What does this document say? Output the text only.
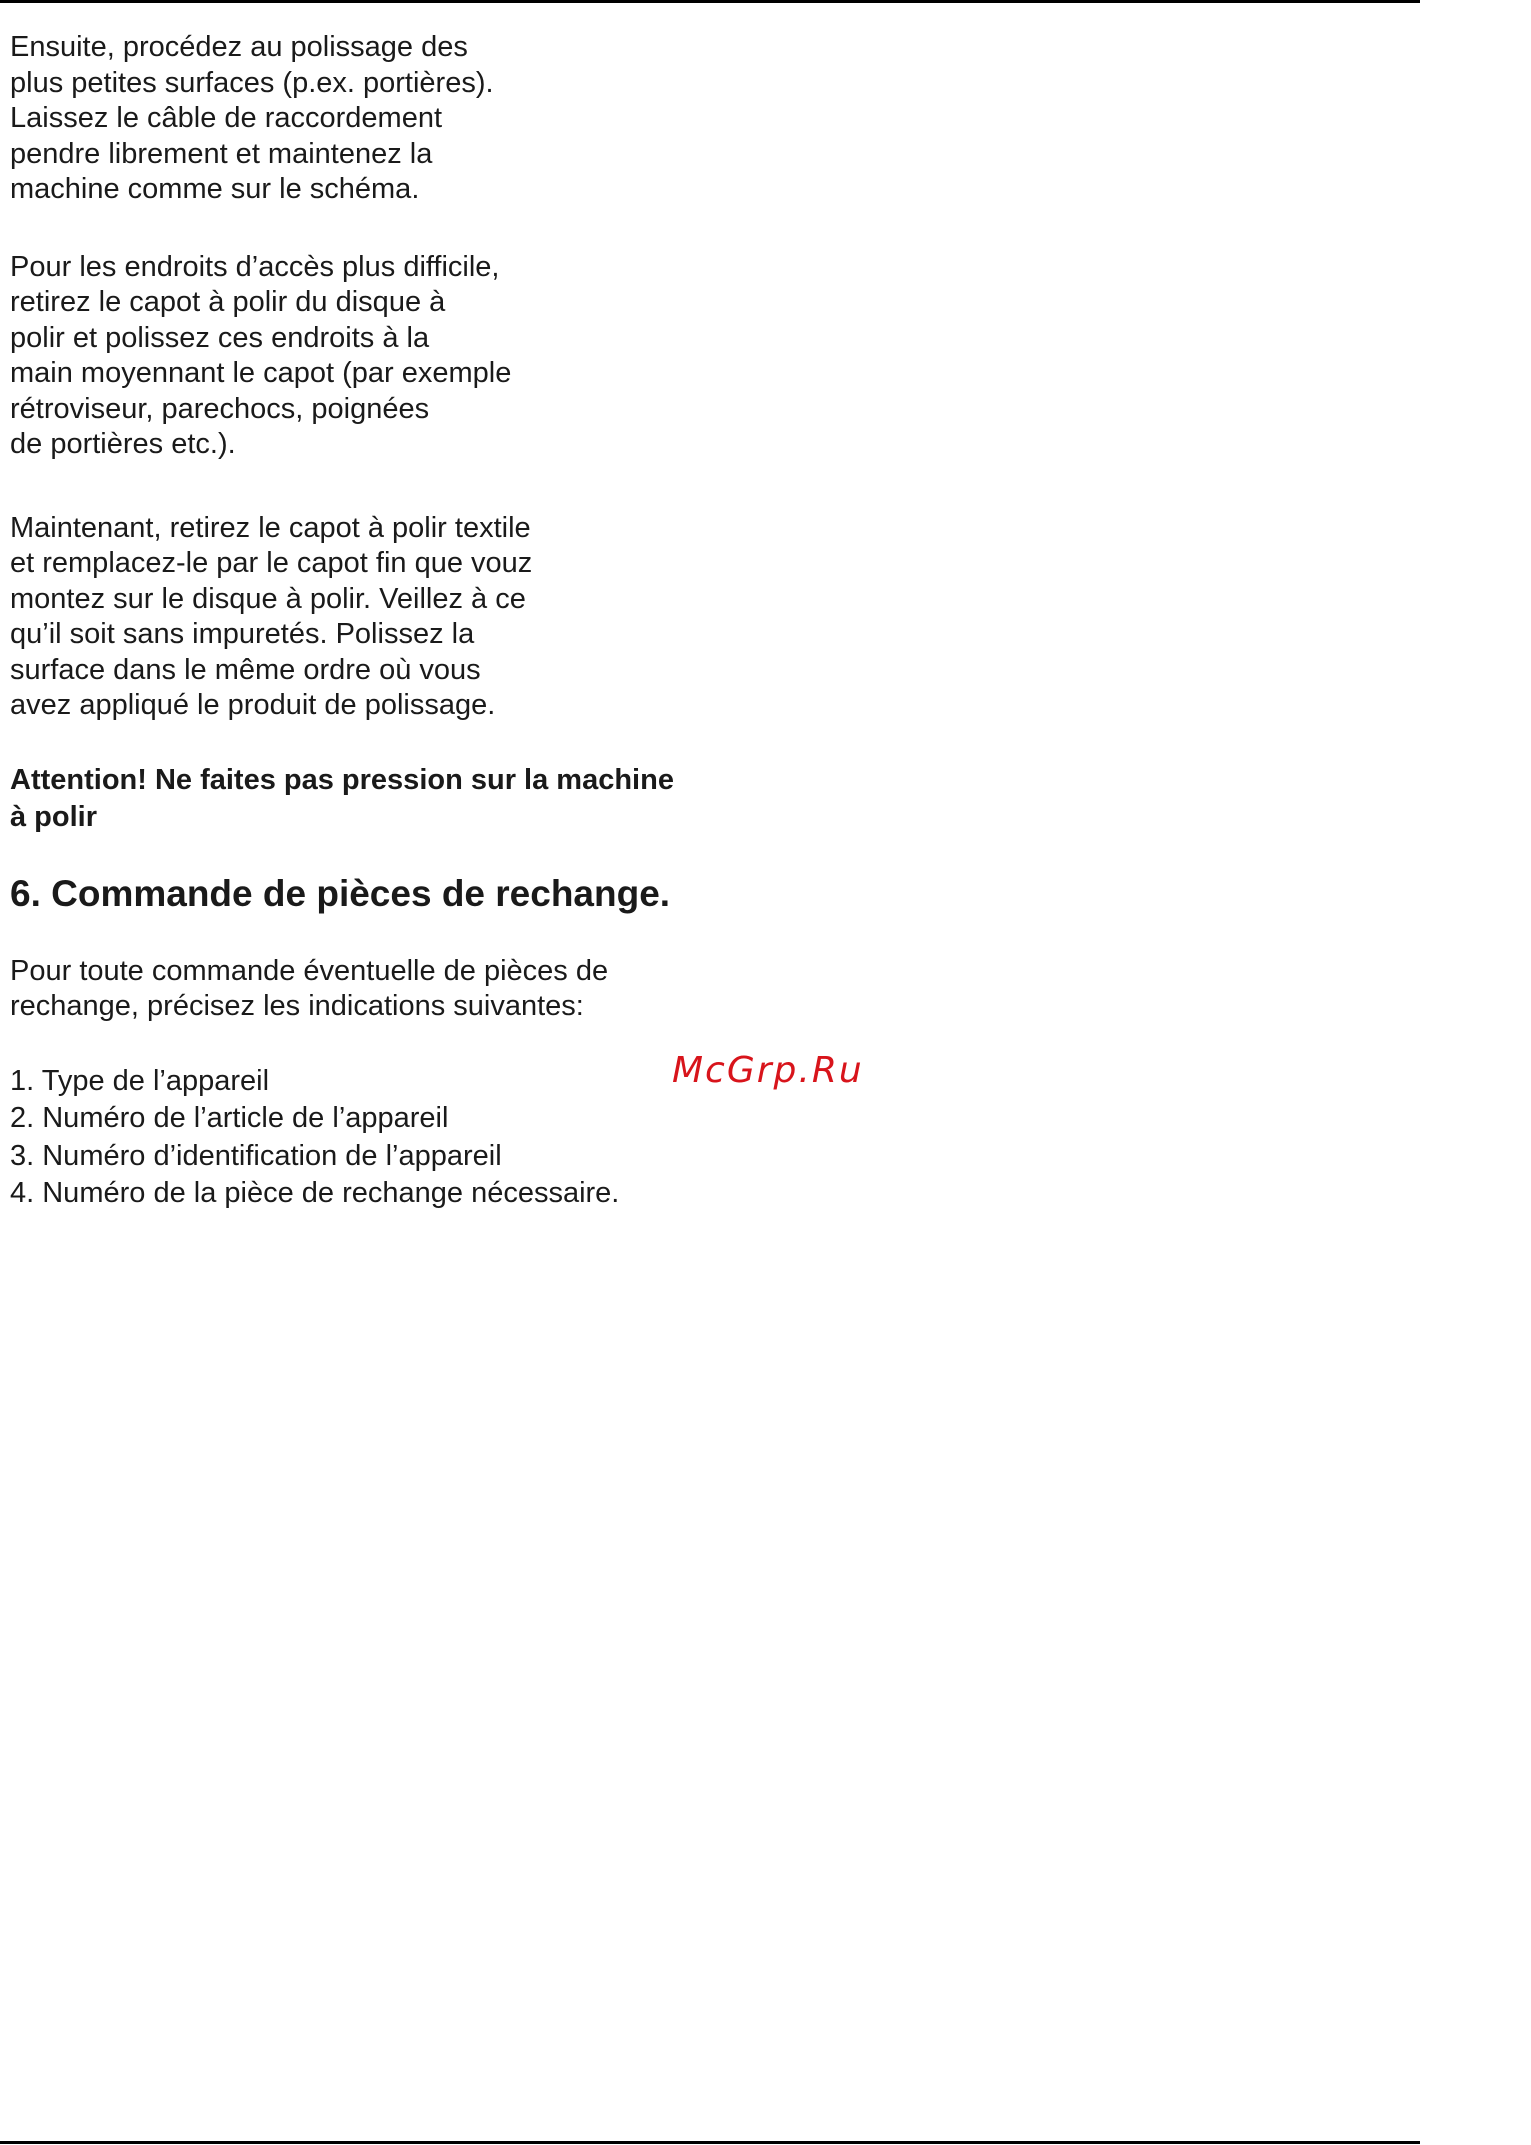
Ensuite, procédez au polissage des
plus petites surfaces (p.ex. portières).
Laissez le câble de raccordement
pendre librement et maintenez la
machine comme sur le schéma.

Pour les endroits d’accès plus difficile,
retirez le capot à polir du disque à
polir et polissez ces endroits à la
main moyennant le capot (par exemple
rétroviseur, parechocs, poignées
de portières etc.).

Maintenant, retirez le capot à polir textile
et remplacez-le par le capot fin que vouz
montez sur le disque à polir. Veillez à ce
qu’il soit sans impuretés. Polissez la
surface dans le même ordre où vous
avez appliqué le produit de polissage.

Attention! Ne faites pas pression sur la machine
à polir

6. Commande de pièces de rechange.

Pour toute commande éventuelle de pièces de
rechange, précisez les indications suivantes:

1. Type de l’appareil
2. Numéro de l’article de l’appareil
3. Numéro d’identification de l’appareil
4. Numéro de la pièce de rechange nécessaire.
McGrp.Ru
